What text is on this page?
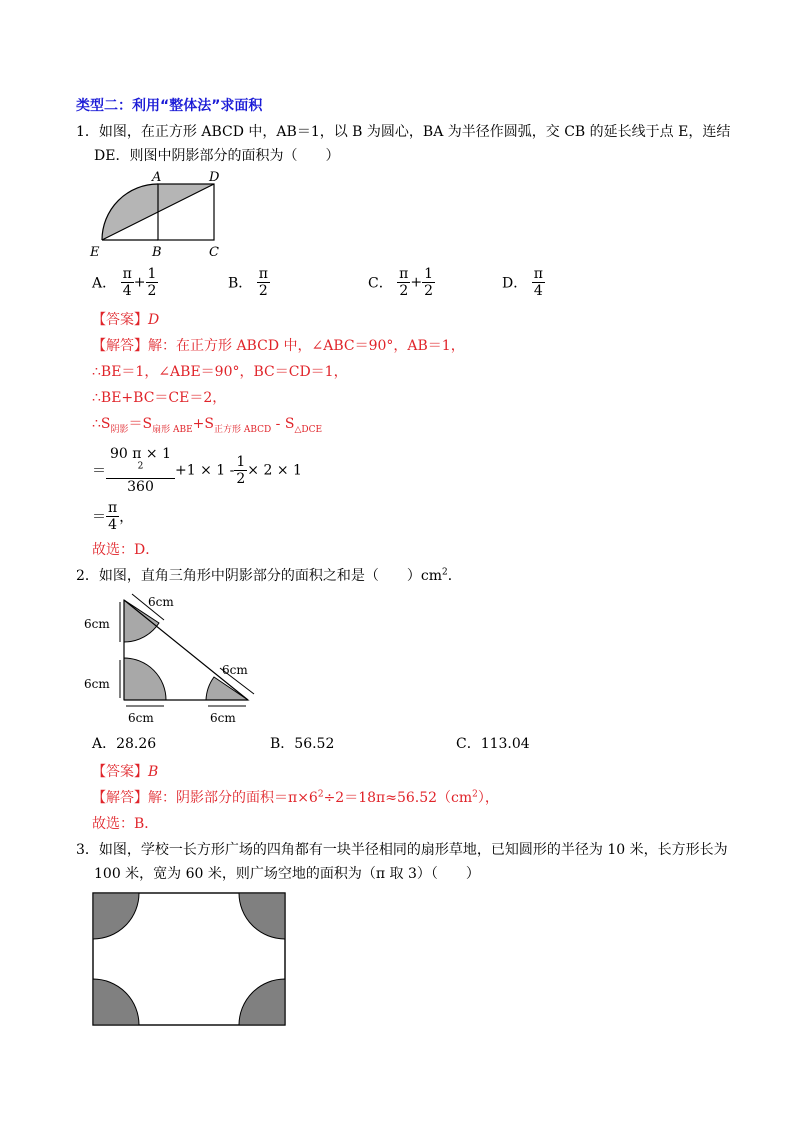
类型二：利用“整体法”求面积
1．如图，在正方形 ABCD 中，AB＝1，以 B 为圆心，BA 为半径作圆弧，交 CB 的延长线于点 E，连结
DE．则图中阴影部分的面积为（　　）
A	D
E	B	C
A． $\frac{\pi}{4} + \frac{1}{2}$	B． $\frac{\pi}{2}$	C． $\frac{\pi}{2} + \frac{1}{2}$	D． $\frac{\pi}{4}$
【答案】D
【解答】解：在正方形 ABCD 中，∠ABC＝90°，AB＝1，
∴BE＝1，∠ABE＝90°，BC＝CD＝1，
∴BE+BC＝CE＝2，
$\therefore S_{阴影}=S_{扇形 ABE}+S_{正方形 ABCD} - S_{\triangle DCE}$
＝ 90 π × 1
$^2$
$360 +1 \times 1 - \frac{1}{2} \times 2 \times 1$
＝ $\frac{\pi}{4}$ ，
故选：D．
2．如图，直角三角形中阴影部分的面积之和是（　　）$cm^2$．
6cm
6cm
6cm
6cm
6cm	6cm
A．28.26	B．56.52	C．113.04
【答案】B
【解答】解：阴影部分的面积$=\pi\times 6^2\div 2=18\pi\approx 56.52(cm^2)$，
故选：B．
3．如图，学校一长方形广场的四角都有一块半径相同的扇形草地，已知圆形的半径为 10 米，长方形长为
100 米，宽为 60 米，则广场空地的面积为（π 取 3）（　　）
